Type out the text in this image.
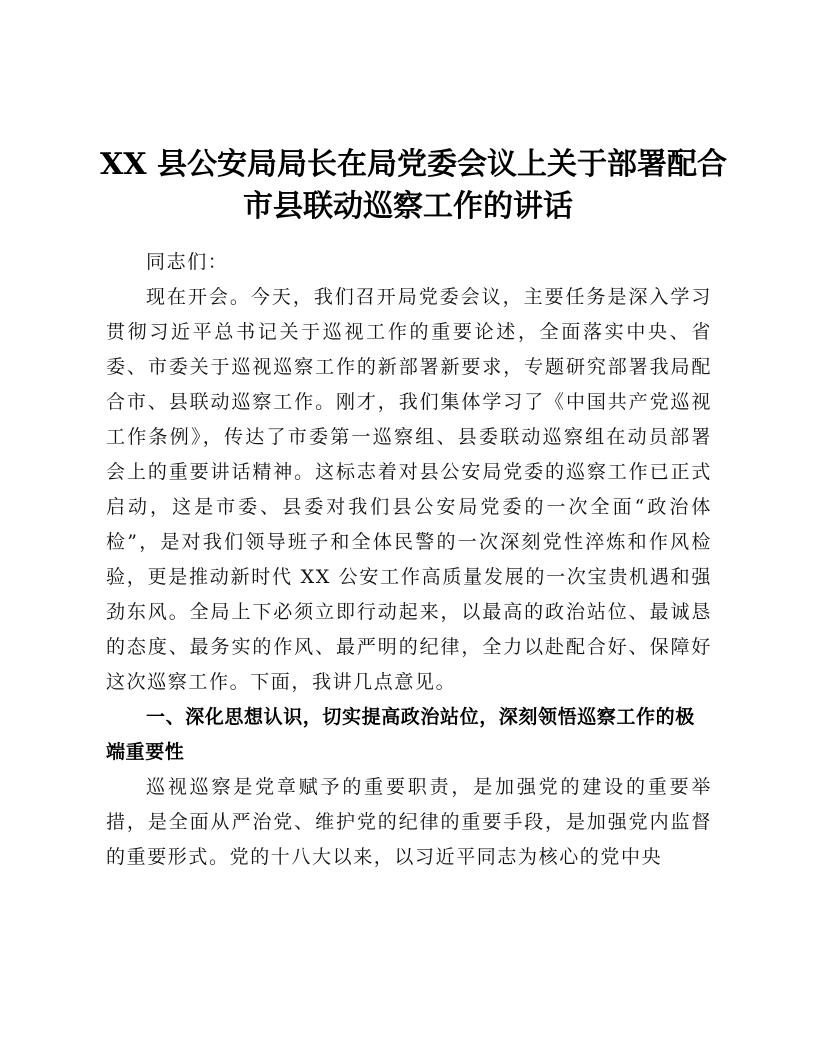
XX 县公安局局长在局党委会议上关于部署配合
市县联动巡察工作的讲话

同志们：

现在开会。今天，我们召开局党委会议，主要任务是深入学习贯彻习近平总书记关于巡视工作的重要论述，全面落实中央、省委、市委关于巡视巡察工作的新部署新要求，专题研究部署我局配合市、县联动巡察工作。刚才，我们集体学习了《中国共产党巡视工作条例》，传达了市委第一巡察组、县委联动巡察组在动员部署会上的重要讲话精神。这标志着对县公安局党委的巡察工作已正式启动，这是市委、县委对我们县公安局党委的一次全面“政治体检”，是对我们领导班子和全体民警的一次深刻党性淬炼和作风检验，更是推动新时代 XX 公安工作高质量发展的一次宝贵机遇和强劲东风。全局上下必须立即行动起来，以最高的政治站位、最诚恳的态度、最务实的作风、最严明的纪律，全力以赴配合好、保障好这次巡察工作。下面，我讲几点意见。

一、深化思想认识，切实提高政治站位，深刻领悟巡察工作的极端重要性

巡视巡察是党章赋予的重要职责，是加强党的建设的重要举措，是全面从严治党、维护党的纪律的重要手段，是加强党内监督的重要形式。党的十八大以来，以习近平同志为核心的党中央
